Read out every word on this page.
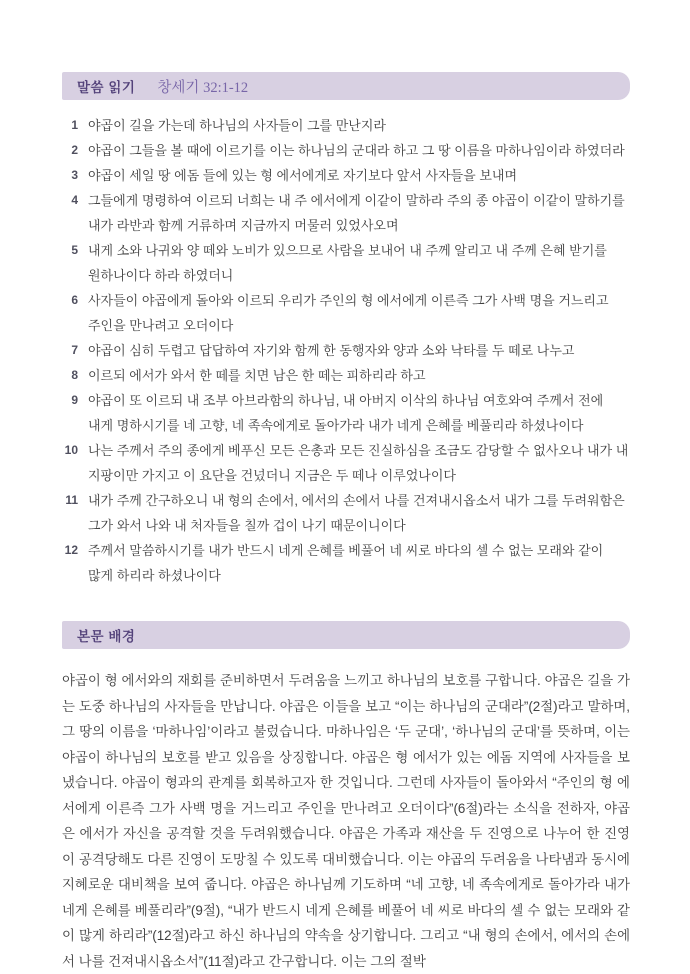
말씀 읽기 창세기 32:1-12
1 야곱이 길을 가는데 하나님의 사자들이 그를 만난지라
2 야곱이 그들을 볼 때에 이르기를 이는 하나님의 군대라 하고 그 땅 이름을 마하나임이라 하였더라
3 야곱이 세일 땅 에돔 들에 있는 형 에서에게로 자기보다 앞서 사자들을 보내며
4 그들에게 명령하여 이르되 너희는 내 주 에서에게 이같이 말하라 주의 종 야곱이 이같이 말하기를 내가 라반과 함께 거류하며 지금까지 머물러 있었사오며
5 내게 소와 나귀와 양 떼와 노비가 있으므로 사람을 보내어 내 주께 알리고 내 주께 은혜 받기를 원하나이다 하라 하였더니
6 사자들이 야곱에게 돌아와 이르되 우리가 주인의 형 에서에게 이른즉 그가 사백 명을 거느리고 주인을 만나려고 오더이다
7 야곱이 심히 두렵고 답답하여 자기와 함께 한 동행자와 양과 소와 낙타를 두 떼로 나누고
8 이르되 에서가 와서 한 떼를 치면 남은 한 떼는 피하리라 하고
9 야곱이 또 이르되 내 조부 아브라함의 하나님, 내 아버지 이삭의 하나님 여호와여 주께서 전에 내게 명하시기를 네 고향, 네 족속에게로 돌아가라 내가 네게 은혜를 베풀리라 하셨나이다
10 나는 주께서 주의 종에게 베푸신 모든 은총과 모든 진실하심을 조금도 감당할 수 없사오나 내가 내 지팡이만 가지고 이 요단을 건넜더니 지금은 두 떼나 이루었나이다
11 내가 주께 간구하오니 내 형의 손에서, 에서의 손에서 나를 건져내시옵소서 내가 그를 두려워함은 그가 와서 나와 내 처자들을 칠까 겁이 나기 때문이니이다
12 주께서 말씀하시기를 내가 반드시 네게 은혜를 베풀어 네 씨로 바다의 셀 수 없는 모래와 같이 많게 하리라 하셨나이다
본문 배경

야곱이 형 에서와의 재회를 준비하면서 두려움을 느끼고 하나님의 보호를 구합니다. 야곱은 길을 가는 도중 하나님의 사자들을 만납니다. 야곱은 이들을 보고 “이는 하나님의 군대라”(2절)라고 말하며, 그 땅의 이름을 ‘마하나임’이라고 불렀습니다. 마하나임은 ‘두 군대’, ‘하나님의 군대’를 뜻하며, 이는 야곱이 하나님의 보호를 받고 있음을 상징합니다. 야곱은 형 에서가 있는 에돔 지역에 사자들을 보냈습니다. 야곱이 형과의 관계를 회복하고자 한 것입니다. 그런데 사자들이 돌아와서 “주인의 형 에서에게 이른즉 그가 사백 명을 거느리고 주인을 만나려고 오더이다”(6절)라는 소식을 전하자, 야곱은 에서가 자신을 공격할 것을 두려워했습니다. 야곱은 가족과 재산을 두 진영으로 나누어 한 진영이 공격당해도 다른 진영이 도망칠 수 있도록 대비했습니다. 이는 야곱의 두려움을 나타냄과 동시에 지혜로운 대비책을 보여 줍니다. 야곱은 하나님께 기도하며 “네 고향, 네 족속에게로 돌아가라 내가 네게 은혜를 베풀리라”(9절), “내가 반드시 네게 은혜를 베풀어 네 씨로 바다의 셀 수 없는 모래와 같이 많게 하리라”(12절)라고 하신 하나님의 약속을 상기합니다. 그리고 “내 형의 손에서, 에서의 손에서 나를 건져내시옵소서”(11절)라고 간구합니다. 이는 그의 절박
